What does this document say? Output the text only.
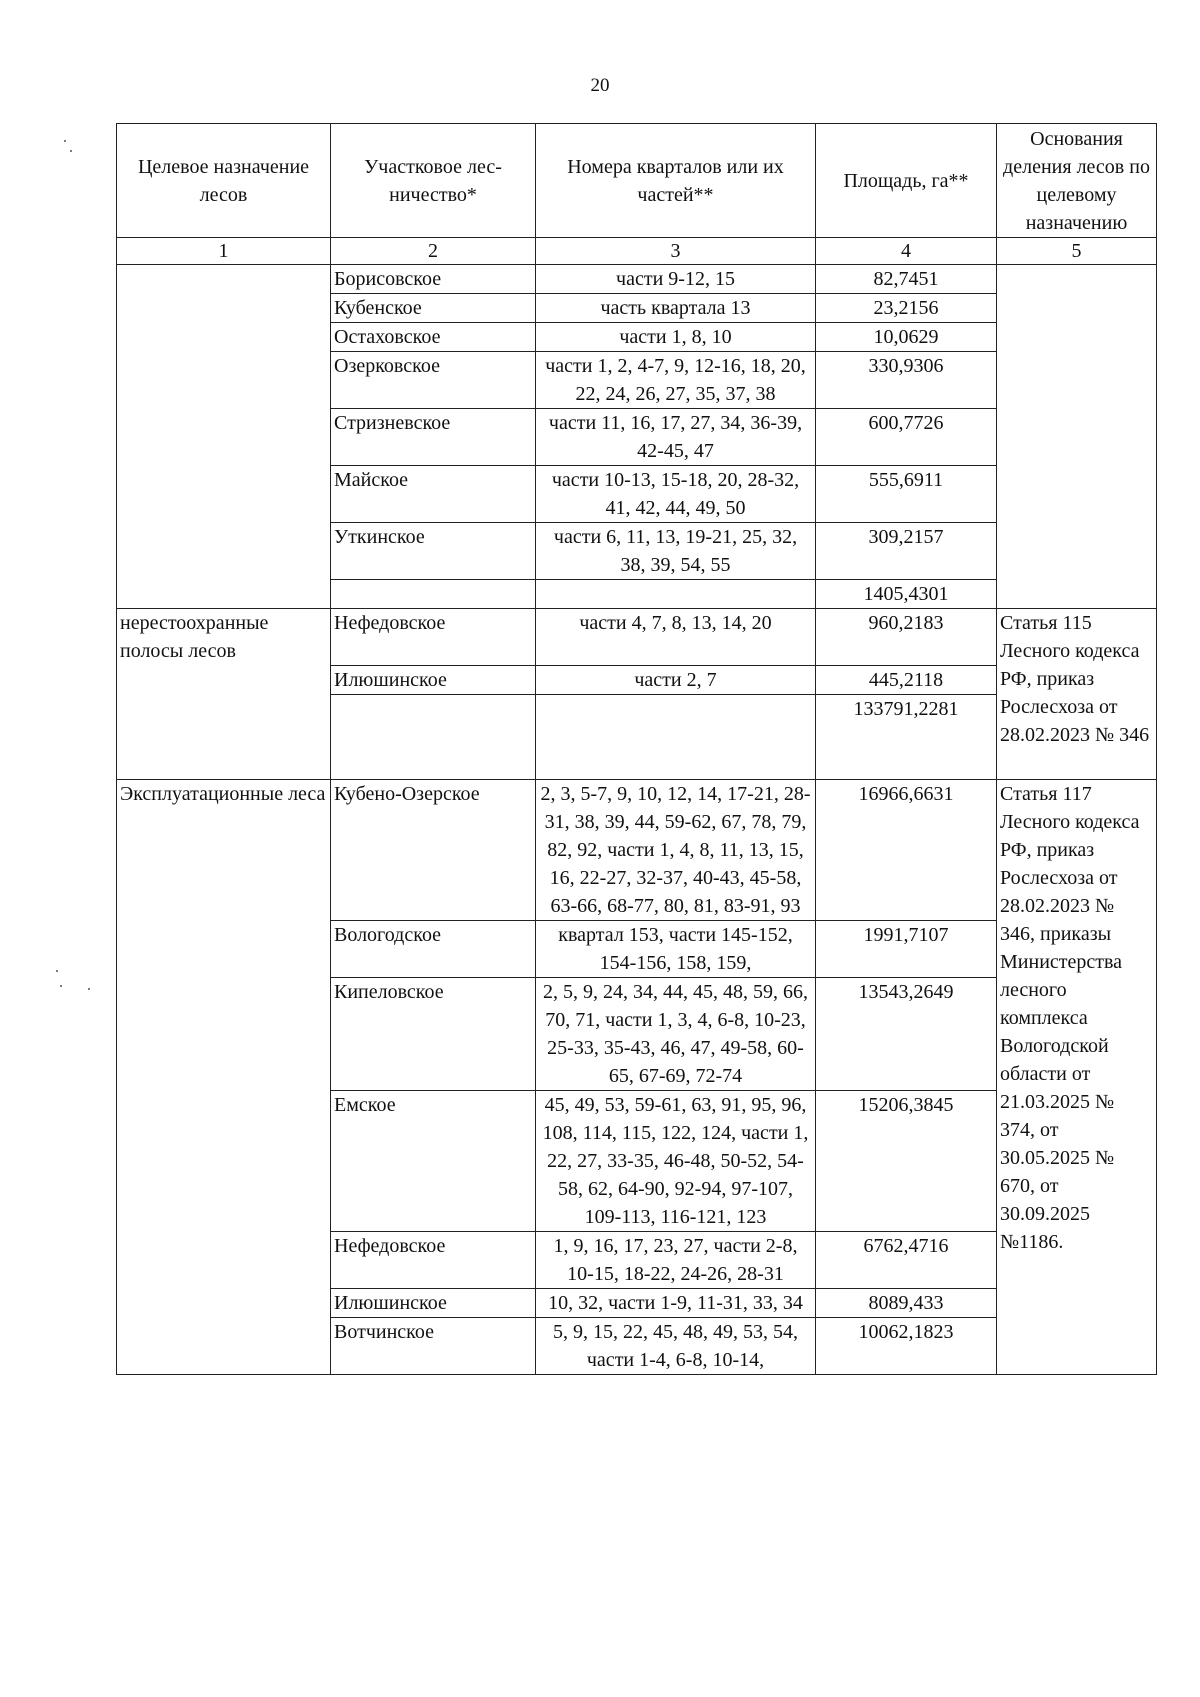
20
Целевое назначение лесов	Участковое лес-ничество*	Номера кварталов или их частей**	Площадь, га**	Основания деления лесов по целевому назначению
1	2	3	4	5
	Борисовское	части 9-12, 15	82,7451	
	Кубенское	часть квартала 13	23,2156	
	Остаховское	части 1, 8, 10	10,0629	
	Озерковское	части 1, 2, 4-7, 9, 12-16, 18, 20, 22, 24, 26, 27, 35, 37, 38	330,9306	
	Стризневское	части 11, 16, 17, 27, 34, 36-39, 42-45, 47	600,7726	
	Майское	части 10-13, 15-18, 20, 28-32, 41, 42, 44, 49, 50	555,6911	
	Уткинское	части 6, 11, 13, 19-21, 25, 32, 38, 39, 54, 55	309,2157	
			1405,4301	
нерестоохранные полосы лесов	Нефедовское	части 4, 7, 8, 13, 14, 20	960,2183	Статья 115 Лесного кодекса РФ, приказ Рослесхоза от 28.02.2023 № 346
	Илюшинское	части 2, 7	445,2118	
			133791,2281	
Эксплуатационные леса	Кубено-Озерское	2, 3, 5-7, 9, 10, 12, 14, 17-21, 28-31, 38, 39, 44, 59-62, 67, 78, 79, 82, 92, части 1, 4, 8, 11, 13, 15, 16, 22-27, 32-37, 40-43, 45-58, 63-66, 68-77, 80, 81, 83-91, 93	16966,6631	Статья 117 Лесного кодекса РФ, приказ Рослесхоза от 28.02.2023 № 346, приказы Министерства лесного комплекса Вологодской области от 21.03.2025 № 374, от 30.05.2025 № 670, от 30.09.2025 №1186.
	Вологодское	квартал 153, части 145-152, 154-156, 158, 159,	1991,7107	
	Кипеловское	2, 5, 9, 24, 34, 44, 45, 48, 59, 66, 70, 71, части 1, 3, 4, 6-8, 10-23, 25-33, 35-43, 46, 47, 49-58, 60-65, 67-69, 72-74	13543,2649	
	Емское	45, 49, 53, 59-61, 63, 91, 95, 96, 108, 114, 115, 122, 124, части 1, 22, 27, 33-35, 46-48, 50-52, 54-58, 62, 64-90, 92-94, 97-107, 109-113, 116-121, 123	15206,3845	
	Нефедовское	1, 9, 16, 17, 23, 27, части 2-8, 10-15, 18-22, 24-26, 28-31	6762,4716	
	Илюшинское	10, 32, части 1-9, 11-31, 33, 34	8089,433	
	Вотчинское	5, 9, 15, 22, 45, 48, 49, 53, 54, части 1-4, 6-8, 10-14,	10062,1823	
